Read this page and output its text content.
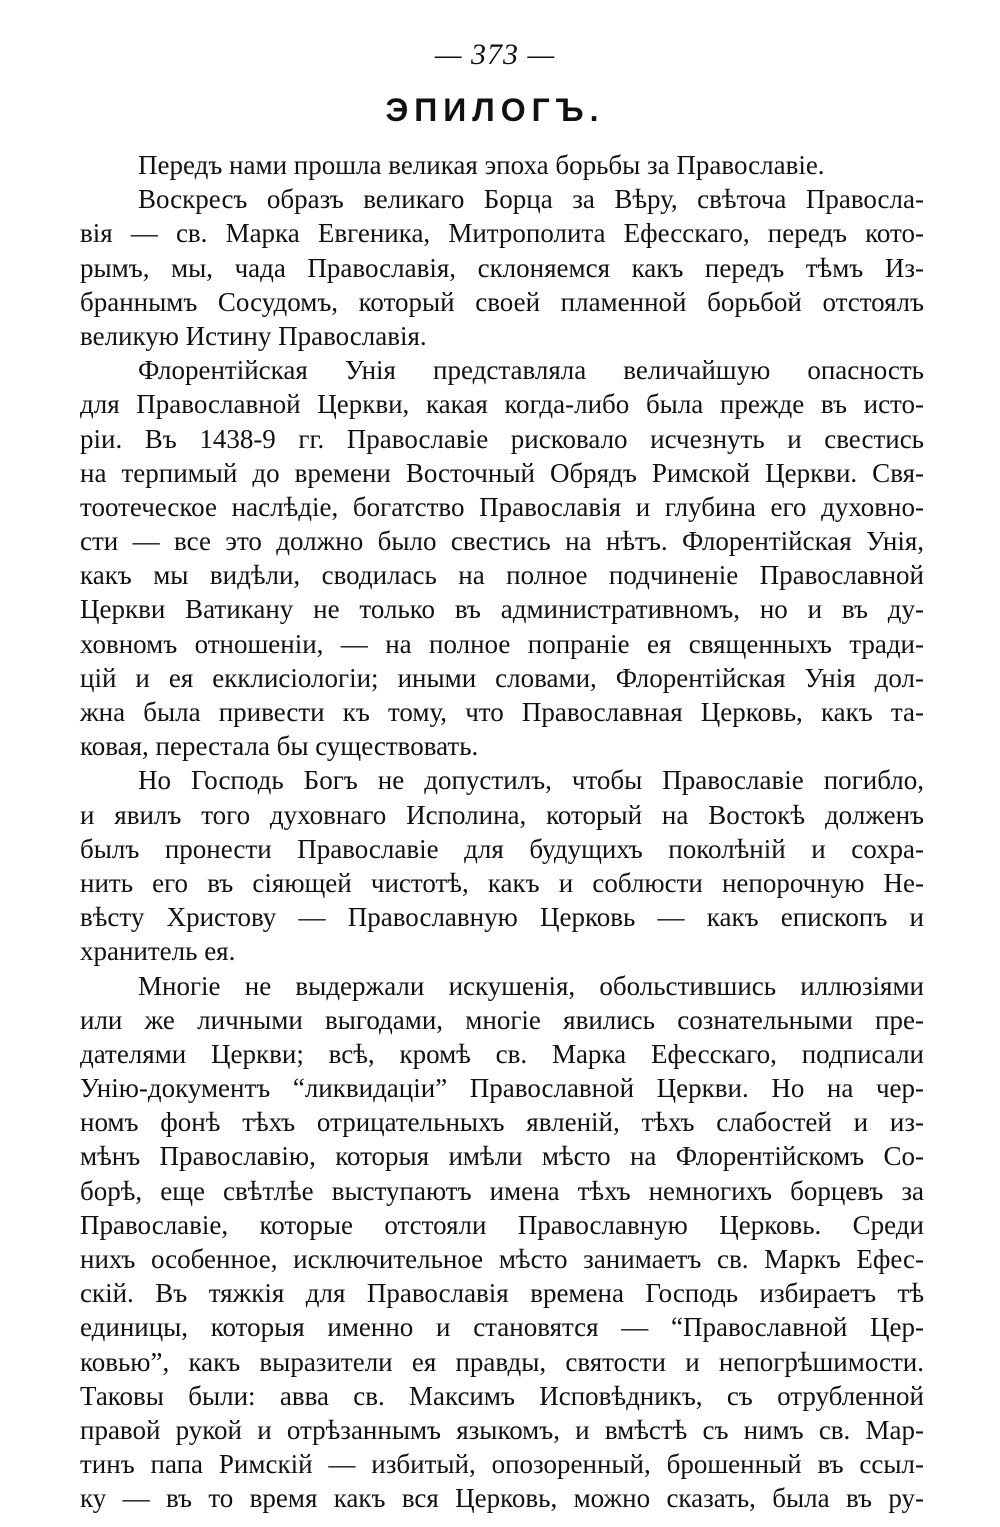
— 373 —
ЭПИЛОГЪ.
Передъ нами прошла великая эпоха борьбы за Православіе.
Воскресъ образъ великаго Борца за Вѣру, свѣточа Правосла-
вія — св. Марка Евгеника, Митрополита Ефесскаго, передъ кото-
рымъ, мы, чада Православія, склоняемся какъ передъ тѣмъ Из-
браннымъ Сосудомъ, который своей пламенной борьбой отстоялъ
великую Истину Православія.
Флорентійская Унія представляла величайшую опасность
для Православной Церкви, какая когда-либо была прежде въ исто-
ріи. Въ 1438-9 гг. Православіе рисковало исчезнуть и свестись
на терпимый до времени Восточный Обрядъ Римской Церкви. Свя-
тоотеческое наслѣдіе, богатство Православія и глубина его духовно-
сти — все это должно было свестись на нѣтъ. Флорентійская Унія,
какъ мы видѣли, сводилась на полное подчиненіе Православной
Церкви Ватикану не только въ административномъ, но и въ ду-
ховномъ отношеніи, — на полное попраніе ея священныхъ тради-
цій и ея екклисіологіи; иными словами, Флорентійская Унія дол-
жна была привести къ тому, что Православная Церковь, какъ та-
ковая, перестала бы существовать.
Но Господь Богъ не допустилъ, чтобы Православіе погибло,
и явилъ того духовнаго Исполина, который на Востокѣ долженъ
былъ пронести Православіе для будущихъ поколѣній и сохра-
нить его въ сіяющей чистотѣ, какъ и соблюсти непорочную Не-
вѣсту Христову — Православную Церковь — какъ епископъ и
хранитель ея.
Многіе не выдержали искушенія, обольстившись иллюзіями
или же личными выгодами, многіе явились сознательными пре-
дателями Церкви; всѣ, кромѣ св. Марка Ефесскаго, подписали
Унію-документъ “ликвидаціи” Православной Церкви. Но на чер-
номъ фонѣ тѣхъ отрицательныхъ явленій, тѣхъ слабостей и из-
мѣнъ Православію, которыя имѣли мѣсто на Флорентійскомъ Со-
борѣ, еще свѣтлѣе выступаютъ имена тѣхъ немногихъ борцевъ за
Православіе, которые отстояли Православную Церковь. Среди
нихъ особенное, исключительное мѣсто занимаетъ св. Маркъ Ефес-
скій. Въ тяжкія для Православія времена Господь избираетъ тѣ
единицы, которыя именно и становятся — “Православной Цер-
ковью”, какъ выразители ея правды, святости и непогрѣшимости.
Таковы были: авва св. Максимъ Исповѣдникъ, съ отрубленной
правой рукой и отрѣзаннымъ языкомъ, и вмѣстѣ съ нимъ св. Мар-
тинъ папа Римскій — избитый, опозоренный, брошенный въ ссыл-
ку — въ то время какъ вся Церковь, можно сказать, была въ ру-
